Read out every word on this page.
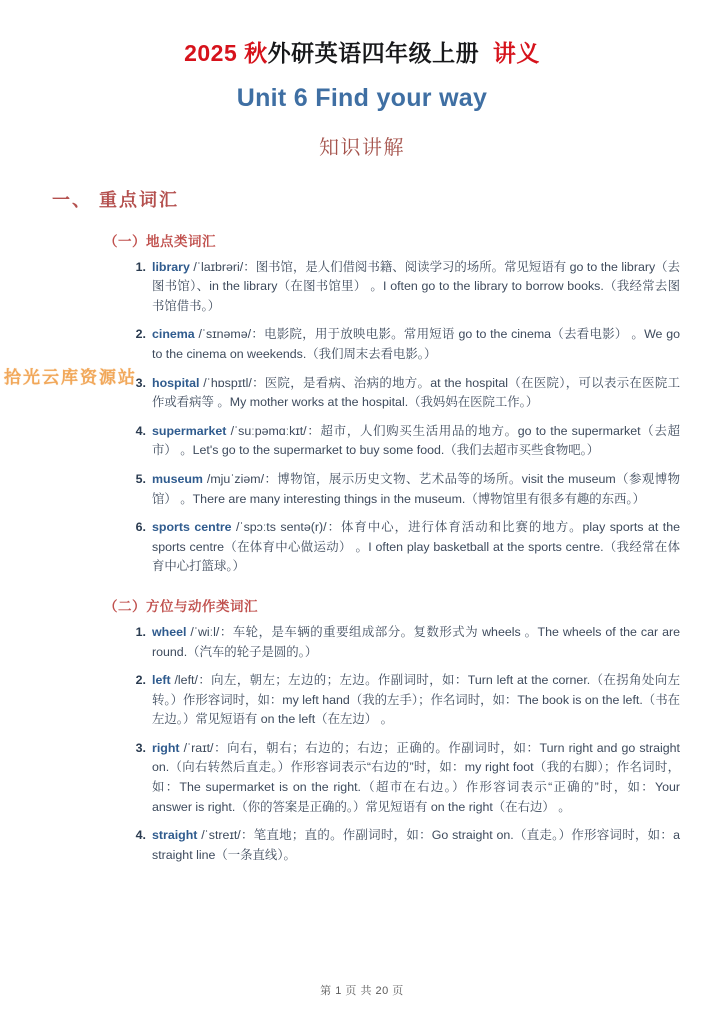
2025 秋外研英语四年级上册 讲义
Unit 6 Find your way
知识讲解
一、 重点词汇
（一）地点类词汇
library /ˈlaɪbrəri/：图书馆，是人们借阅书籍、阅读学习的场所。常见短语有 go to the library（去图书馆）、in the library（在图书馆里） 。I often go to the library to borrow books.（我经常去图书馆借书。）
cinema /ˈsɪnəmə/：电影院，用于放映电影。常用短语 go to the cinema（去看电影） 。We go to the cinema on weekends.（我们周末去看电影。）
hospital /ˈhɒspɪtl/：医院，是看病、治病的地方。at the hospital（在医院），可以表示在医院工作或看病等 。My mother works at the hospital.（我妈妈在医院工作。）
supermarket /ˈsuːpəmɑːkɪt/：超市，人们购买生活用品的地方。go to the supermarket（去超市） 。Let's go to the supermarket to buy some food.（我们去超市买些食物吧。）
museum /mjuˈziəm/：博物馆，展示历史文物、艺术品等的场所。visit the museum（参观博物馆） 。There are many interesting things in the museum.（博物馆里有很多有趣的东西。）
sports centre /ˈspɔːts sentə(r)/：体育中心，进行体育活动和比赛的地方。play sports at the sports centre（在体育中心做运动） 。I often play basketball at the sports centre.（我经常在体育中心打篮球。）
（二）方位与动作类词汇
wheel /ˈwiːl/：车轮，是车辆的重要组成部分。复数形式为 wheels 。The wheels of the car are round.（汽车的轮子是圆的。）
left /left/：向左，朝左；左边的；左边。作副词时，如：Turn left at the corner.（在拐角处向左转。）作形容词时，如：my left hand（我的左手）；作名词时，如：The book is on the left.（书在左边。）常见短语有 on the left（在左边） 。
right /ˈraɪt/：向右，朝右；右边的；右边；正确的。作副词时，如：Turn right and go straight on.（向右转然后直走。）作形容词表示“右边的”时，如：my right foot（我的右脚）；作名词时，如：The supermarket is on the right.（超市在右边。）作形容词表示“正确的”时，如：Your answer is right.（你的答案是正确的。）常见短语有 on the right（在右边） 。
straight /ˈstreɪt/：笔直地；直的。作副词时，如：Go straight on.（直走。）作形容词时，如：a straight line（一条直线）。
拾光云库资源站
第 1 页 共 20 页
